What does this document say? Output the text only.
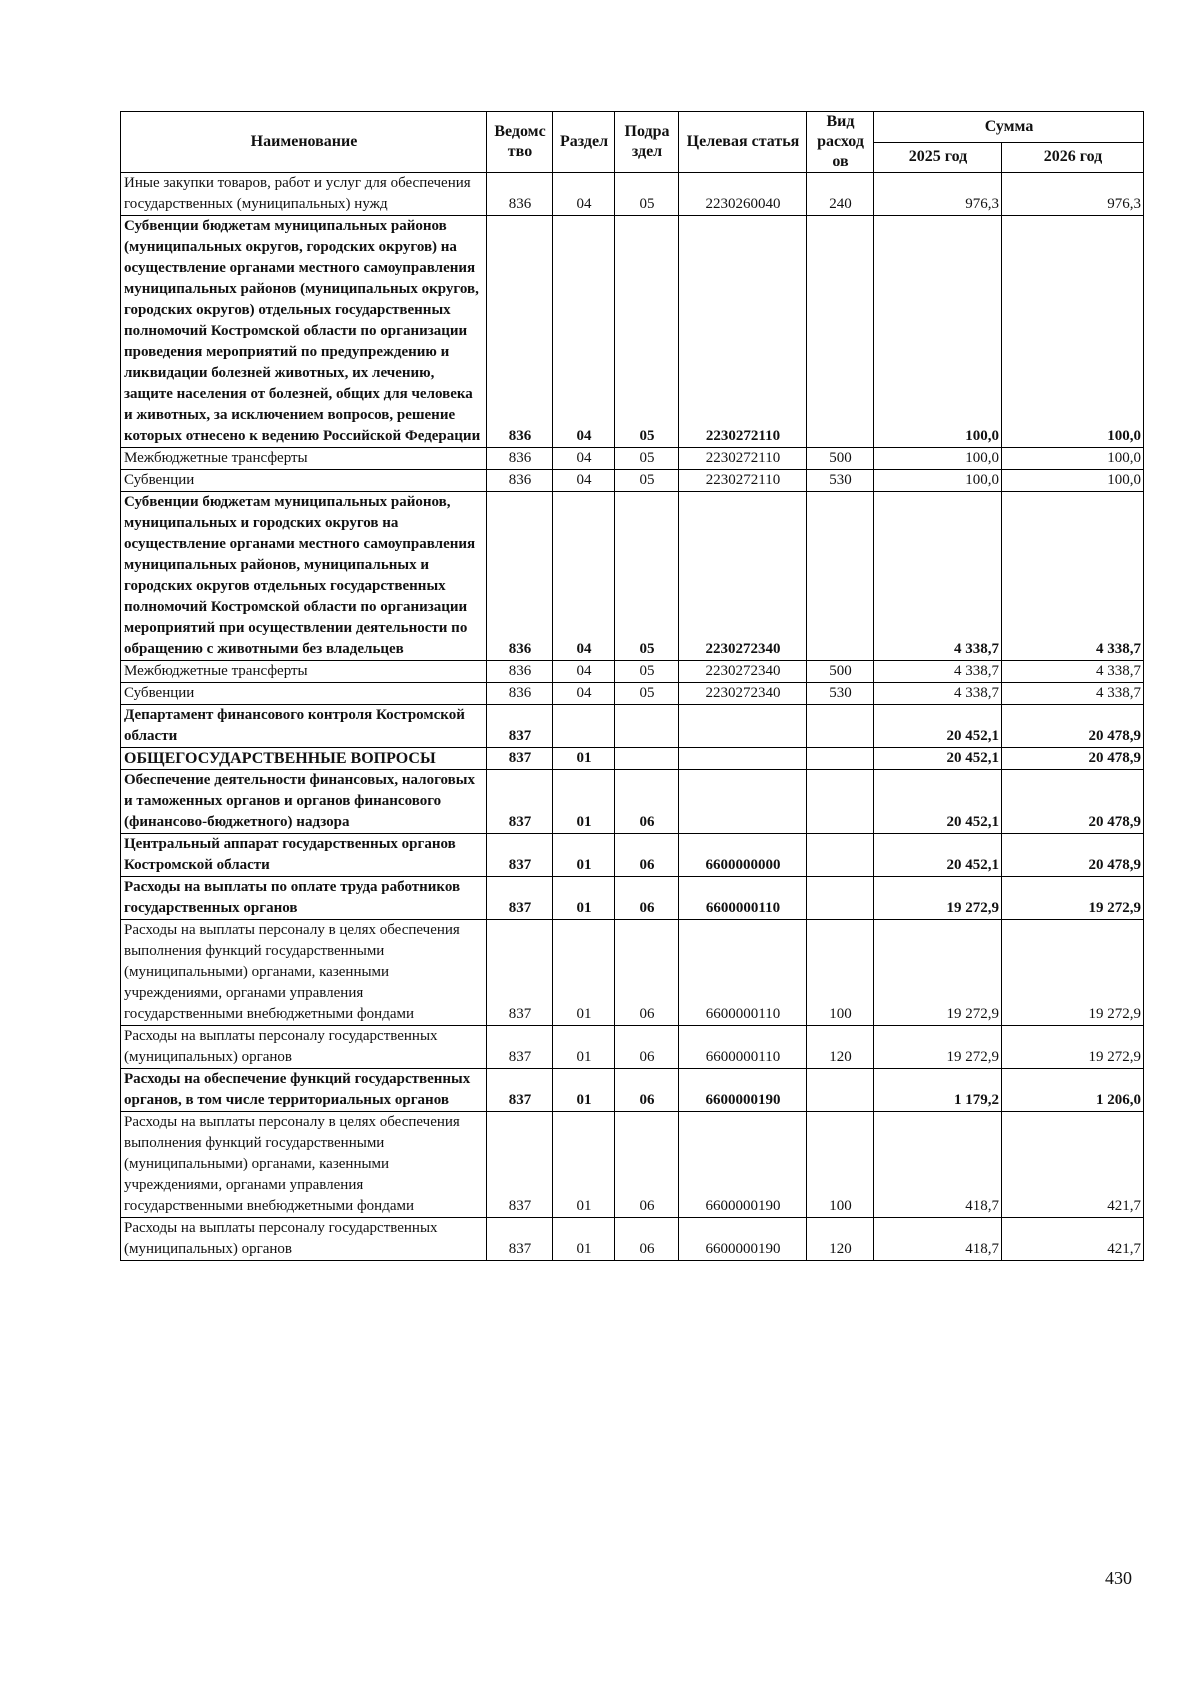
Наименование	Ведомс тво	Раздел	Подра здел	Целевая статья	Вид расход ов	Сумма	
						2025 год	2026 год
Иные закупки товаров, работ и услуг для обеспечения государственных (муниципальных) нужд	836	04	05	2230260040	240	976,3	976,3
Субвенции бюджетам муниципальных районов (муниципальных округов, городских округов) на осуществление органами местного самоуправления муниципальных районов (муниципальных округов, городских округов) отдельных государственных полномочий Костромской области по организации проведения мероприятий по предупреждению и ликвидации болезней животных, их лечению, защите населения от болезней, общих для человека и животных, за исключением вопросов, решение которых отнесено к ведению Российской Федерации	836	04	05	2230272110		100,0	100,0
Межбюджетные трансферты	836	04	05	2230272110	500	100,0	100,0
Субвенции	836	04	05	2230272110	530	100,0	100,0
Субвенции бюджетам муниципальных районов, муниципальных и городских округов на осуществление органами местного самоуправления муниципальных районов, муниципальных и городских округов отдельных государственных полномочий Костромской области по организации мероприятий при осуществлении деятельности по обращению с животными без владельцев	836	04	05	2230272340		4 338,7	4 338,7
Межбюджетные трансферты	836	04	05	2230272340	500	4 338,7	4 338,7
Субвенции	836	04	05	2230272340	530	4 338,7	4 338,7
Департамент финансового контроля Костромской области	837					20 452,1	20 478,9
ОБЩЕГОСУДАРСТВЕННЫЕ ВОПРОСЫ	837	01				20 452,1	20 478,9
Обеспечение деятельности финансовых, налоговых и таможенных органов и органов финансового (финансово-бюджетного) надзора	837	01	06			20 452,1	20 478,9
Центральный аппарат государственных органов Костромской области	837	01	06	6600000000		20 452,1	20 478,9
Расходы на выплаты по оплате труда работников государственных органов	837	01	06	6600000110		19 272,9	19 272,9
Расходы на выплаты персоналу в целях обеспечения выполнения функций государственными (муниципальными) органами, казенными учреждениями, органами управления государственными внебюджетными фондами	837	01	06	6600000110	100	19 272,9	19 272,9
Расходы на выплаты персоналу государственных (муниципальных) органов	837	01	06	6600000110	120	19 272,9	19 272,9
Расходы на обеспечение функций государственных органов, в том числе территориальных органов	837	01	06	6600000190		1 179,2	1 206,0
Расходы на выплаты персоналу в целях обеспечения выполнения функций государственными (муниципальными) органами, казенными учреждениями, органами управления государственными внебюджетными фондами	837	01	06	6600000190	100	418,7	421,7
Расходы на выплаты персоналу государственных (муниципальных) органов	837	01	06	6600000190	120	418,7	421,7
430
